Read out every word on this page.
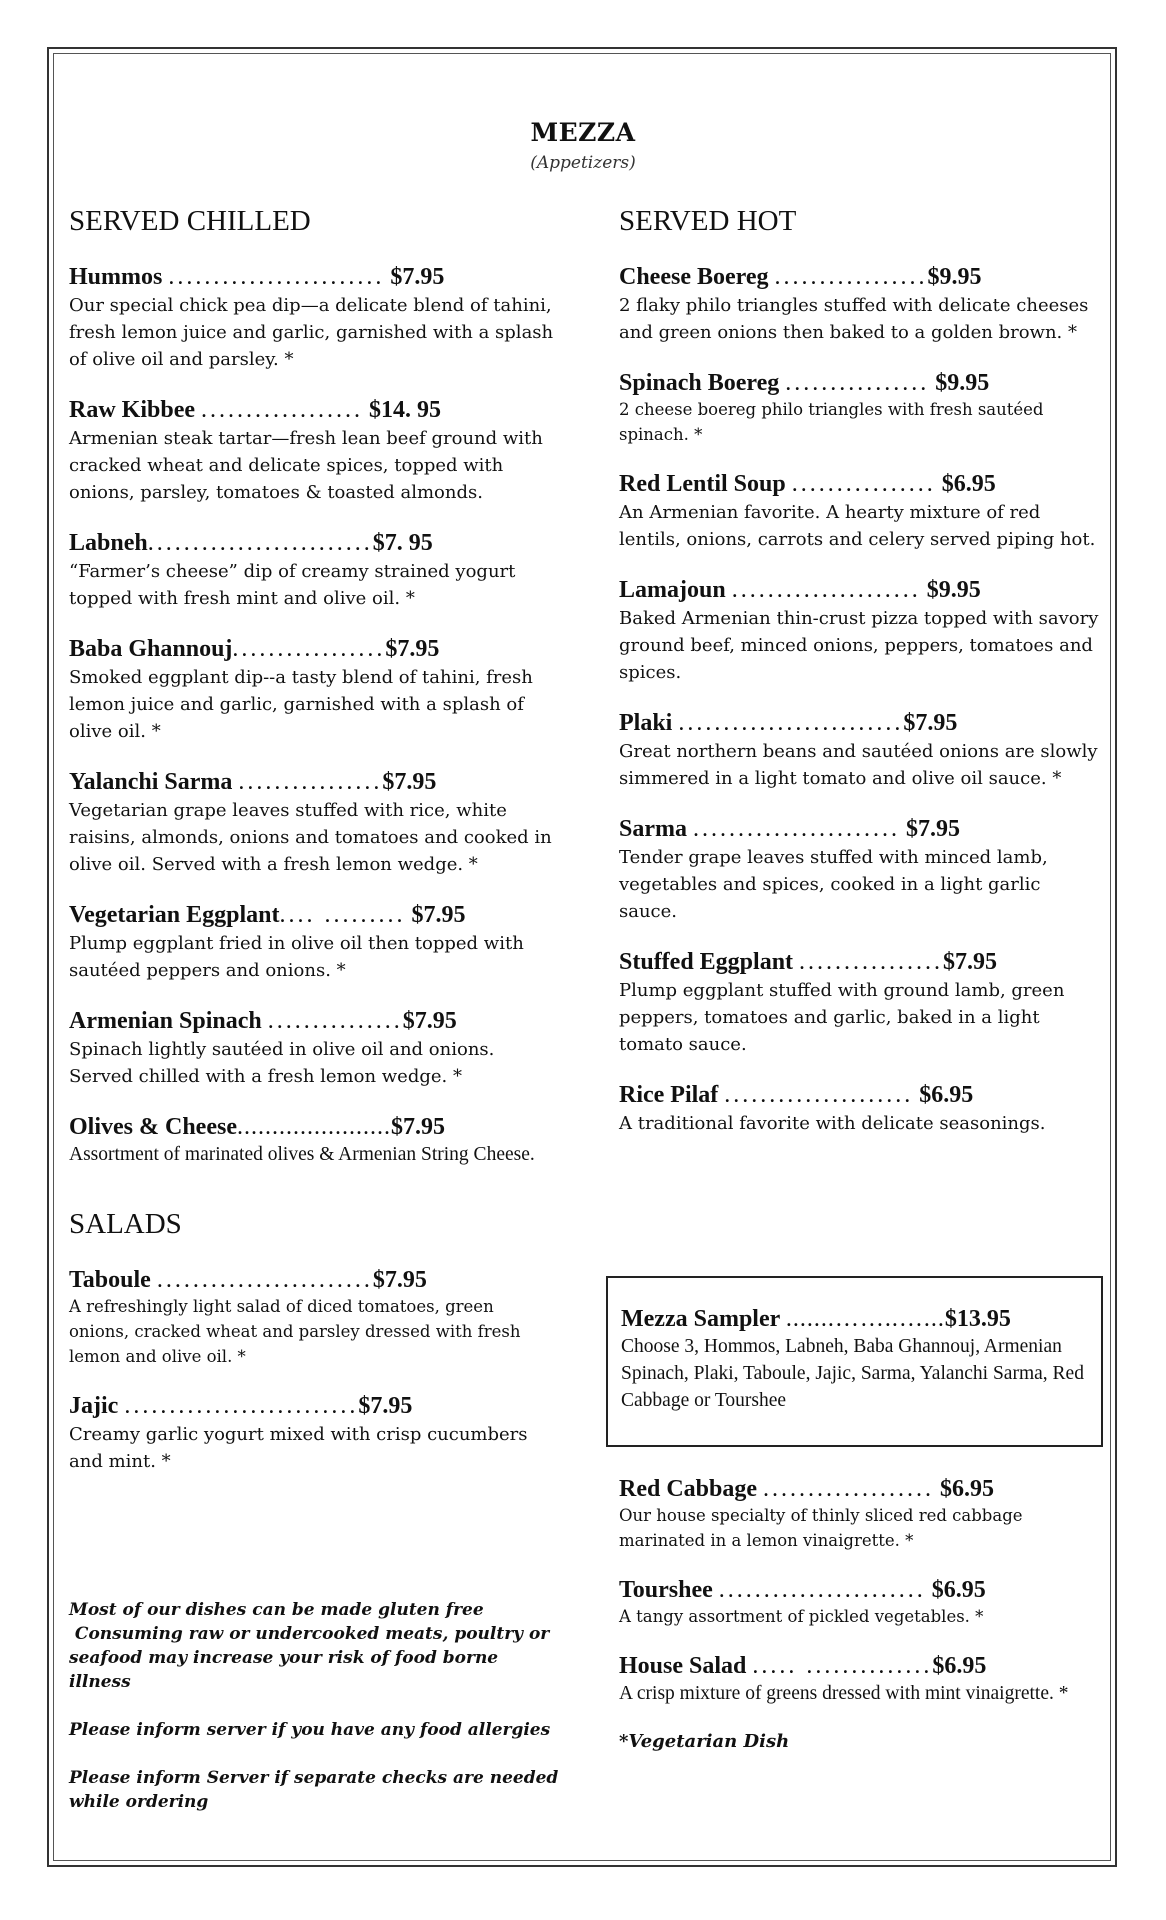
MEZZA
(Appetizers)
SERVED CHILLED
Hummos ........................ $7.95
Our special chick pea dip—a delicate blend of tahini, fresh lemon juice and garlic, garnished with a splash of olive oil and parsley. *
Raw Kibbee .................. $14. 95
Armenian steak tartar—fresh lean beef ground with cracked wheat and delicate spices, topped with onions, parsley, tomatoes & toasted almonds.
Labneh.........................$7. 95
“Farmer’s cheese” dip of creamy strained yogurt topped with fresh mint and olive oil. *
Baba Ghannouj.................$7.95
Smoked eggplant dip--a tasty blend of tahini, fresh lemon juice and garlic, garnished with a splash of olive oil. *
Yalanchi Sarma ................$7.95
Vegetarian grape leaves stuffed with rice, white raisins, almonds, onions and tomatoes and cooked in olive oil. Served with a fresh lemon wedge. *
Vegetarian Eggplant.... ......... $7.95
Plump eggplant fried in olive oil then topped with sautéed peppers and onions. *
Armenian Spinach ...............$7.95
Spinach lightly sautéed in olive oil and onions. Served chilled with a fresh lemon wedge. *
Olives & Cheese......................$7.95
Assortment of marinated olives & Armenian String Cheese.
SALADS
Taboule ........................$7.95
A refreshingly light salad of diced tomatoes, green onions, cracked wheat and parsley dressed with fresh lemon and olive oil. *
Jajic ..........................$7.95
Creamy garlic yogurt mixed with crisp cucumbers and mint. *

Most of our dishes can be made gluten free
Consuming raw or undercooked meats, poultry or seafood may increase your risk of food borne illness

Please inform server if you have any food allergies

Please inform Server if separate checks are needed while ordering

SERVED HOT
Cheese Boereg .................$9.95
2 flaky philo triangles stuffed with delicate cheeses and green onions then baked to a golden brown. *
Spinach Boereg ................ $9.95
2 cheese boereg philo triangles with fresh sautéed spinach. *
Red Lentil Soup ................ $6.95
An Armenian favorite. A hearty mixture of red lentils, onions, carrots and celery served piping hot.
Lamajoun ..................... $9.95
Baked Armenian thin-crust pizza topped with savory ground beef, minced onions, peppers, tomatoes and spices.
Plaki .........................$7.95
Great northern beans and sautéed onions are slowly simmered in a light tomato and olive oil sauce. *
Sarma ....................... $7.95
Tender grape leaves stuffed with minced lamb, vegetables and spices, cooked in a light garlic sauce.
Stuffed Eggplant ................$7.95
Plump eggplant stuffed with ground lamb, green peppers, tomatoes and garlic, baked in a light tomato sauce.
Rice Pilaf ..................... $6.95
A traditional favorite with delicate seasonings.
Mezza Sampler .......……..…...$13.95
Choose 3, Hommos, Labneh, Baba Ghannouj, Armenian Spinach, Plaki, Taboule, Jajic, Sarma, Yalanchi Sarma, Red Cabbage or Tourshee
Red Cabbage ................... $6.95
Our house specialty of thinly sliced red cabbage marinated in a lemon vinaigrette. *
Tourshee ....................... $6.95
A tangy assortment of pickled vegetables. *
House Salad ..... ..............$6.95
A crisp mixture of greens dressed with mint vinaigrette. *
*Vegetarian Dish
